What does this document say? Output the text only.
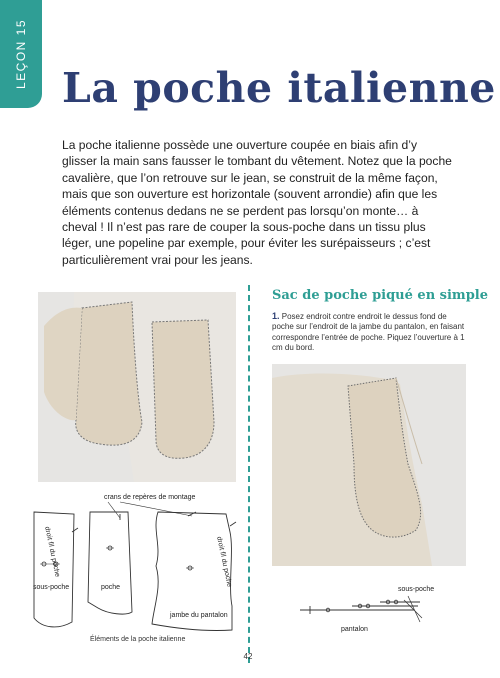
LEÇON 15 La poche italienne

La poche italienne possède une ouverture coupée en biais afin d’y glisser la main sans fausser le tombant du vêtement. Notez que la poche cavalière, que l’on retrouve sur le jean, se construit de la même façon, mais que son ouverture est horizontale (souvent arrondie) afin que les éléments contenus dedans ne se perdent pas lorsqu’on monte… à cheval ! Il n’est pas rare de couper la sous-poche dans un tissu plus léger, une popeline par exemple, pour éviter les surépaisseurs ; c’est particulièrement vrai pour les jeans.

crans de repères de montage
droit fil du poche	droit fil du poche
sous-poche	poche
jambe du pantalon
Éléments de la poche italienne
Sac de poche piqué en simple

1. Posez endroit contre endroit le dessus fond de poche sur l’endroit de la jambe du pantalon, en faisant correspondre l’entrée de poche. Piquez l’ouverture à 1 cm du bord.

sous-poche
pantalon
42
